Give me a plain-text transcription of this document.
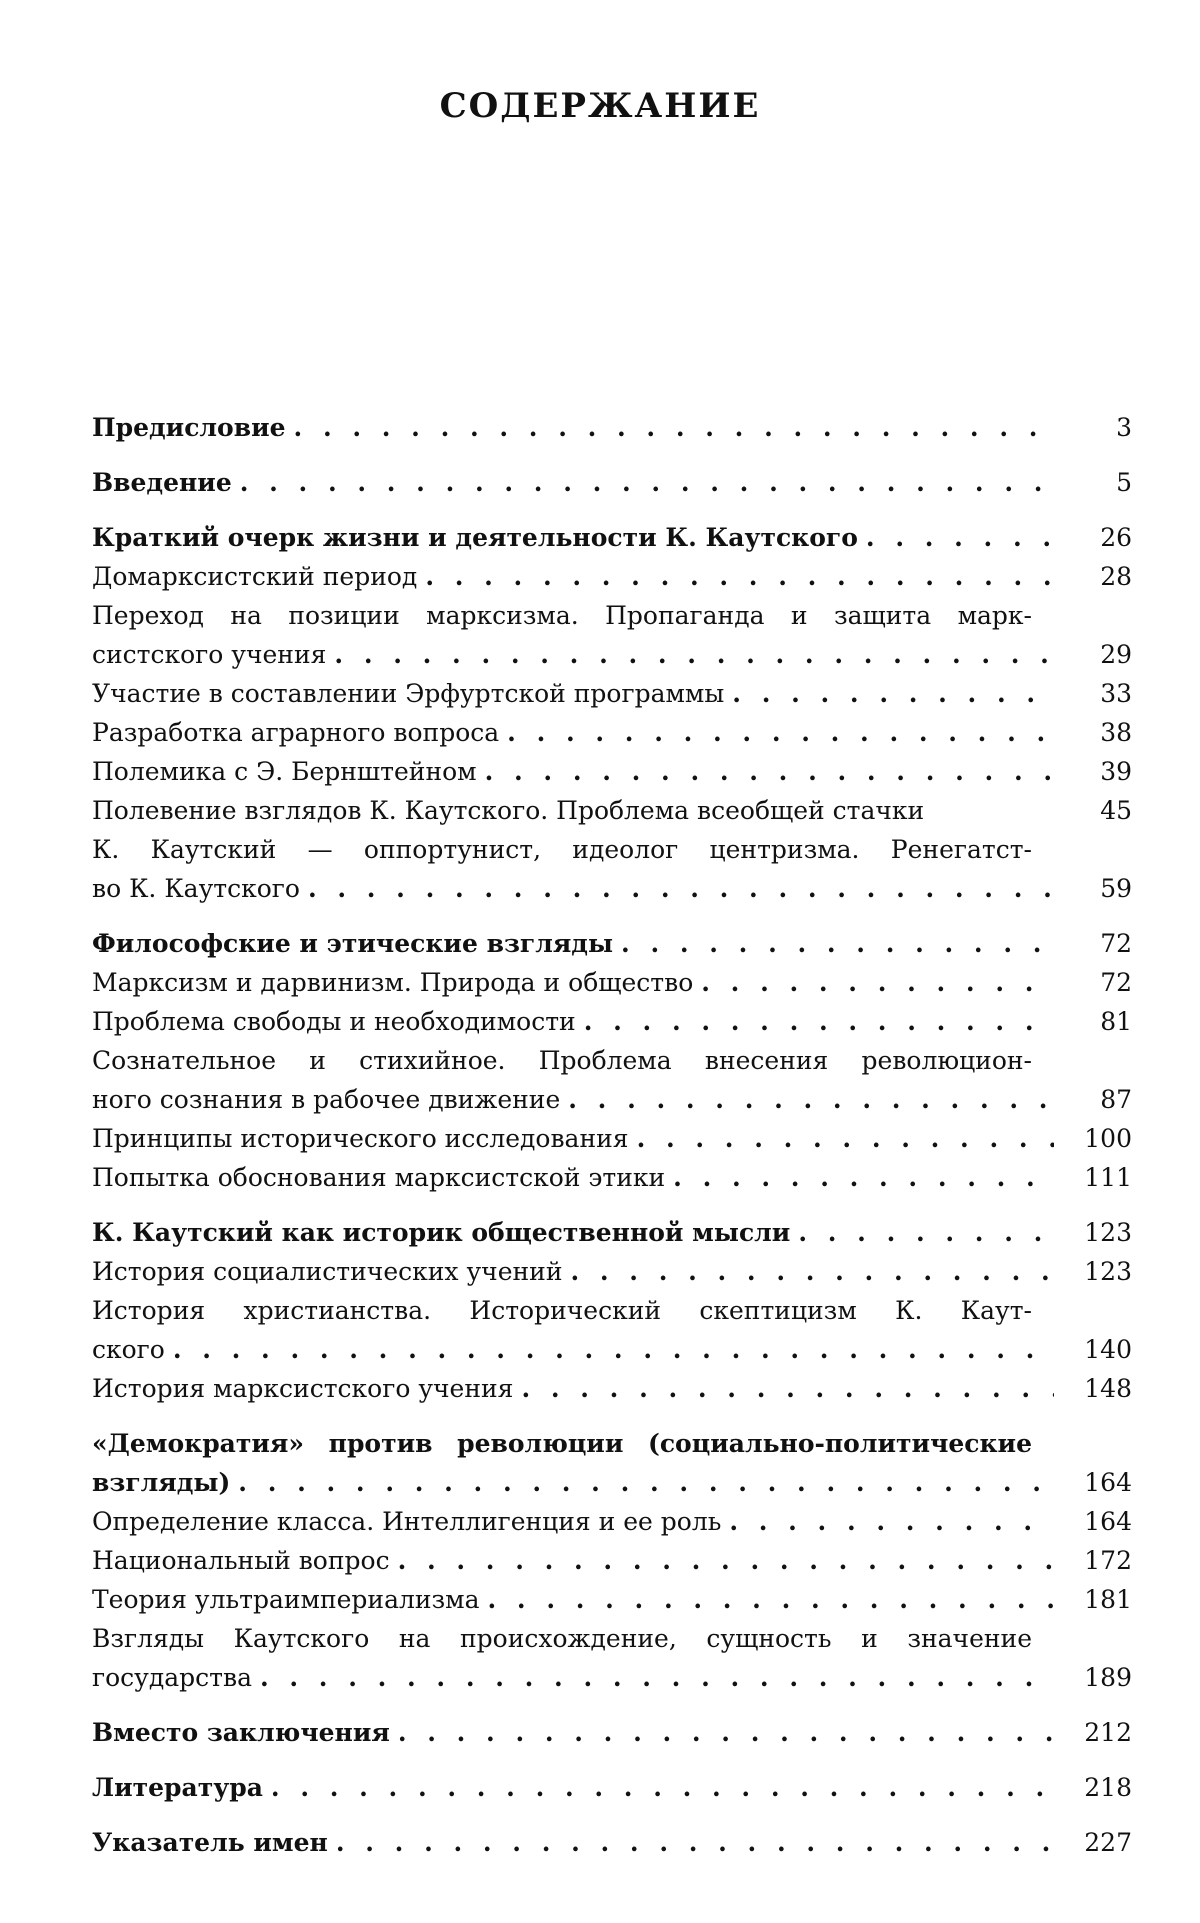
СОДЕРЖАНИЕ
Предисловие . . .	3
Введение . . .	5
Краткий очерк жизни и деятельности К. Каутского . . .	26
Домарксистский период . . .	28
Переход на позиции марксизма. Пропаганда и защита марк-
систского учения . . .	29
Участие в составлении Эрфуртской программы . . .	33
Разработка аграрного вопроса . . .	38
Полемика с Э. Бернштейном . . .	39
Полевение взглядов К. Каутского. Проблема всеобщей стачки	45
К. Каутский — оппортунист, идеолог центризма. Ренегатст-
во К. Каутского . . .	59
Философские и этические взгляды . . .	72
Марксизм и дарвинизм. Природа и общество . . .	72
Проблема свободы и необходимости . . .	81
Сознательное и стихийное. Проблема внесения революцион-
ного сознания в рабочее движение . . .	87
Принципы исторического исследования . . .	100
Попытка обоснования марксистской этики . . .	111
К. Каутский как историк общественной мысли . . .	123
История социалистических учений . . .	123
История христианства. Исторический скептицизм К. Каут-
ского . . .	140
История марксистского учения . . .	148
«Демократия» против революции (социально-политические
взгляды) . . .	164
Определение класса. Интеллигенция и ее роль . . .	164
Национальный вопрос . . .	172
Теория ультраимпериализма . . .	181
Взгляды Каутского на происхождение, сущность и значение
государства . . .	189
Вместо заключения . . .	212
Литература . . .	218
Указатель имен . . .	227
